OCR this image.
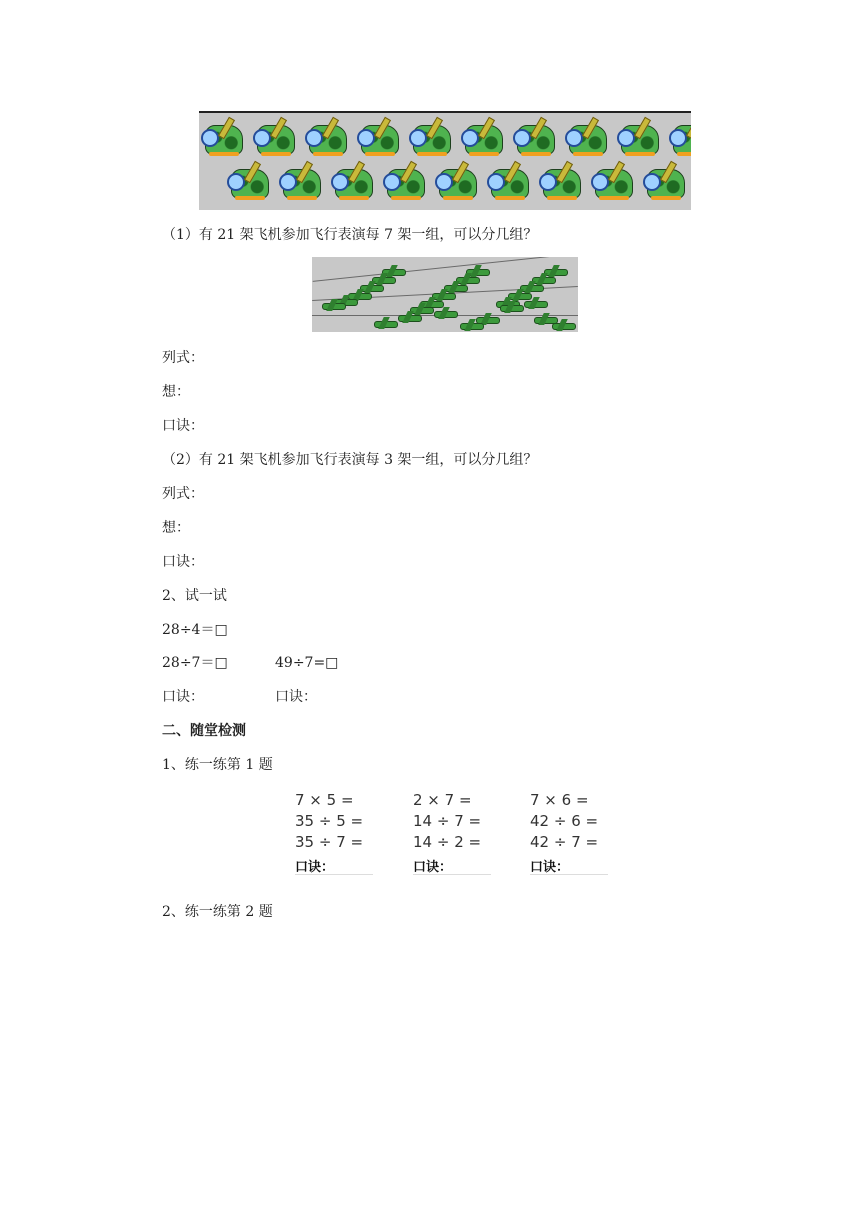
（1）有 21 架飞机参加飞行表演每 7 架一组，可以分几组？
列式：
想：
口诀：
（2）有 21 架飞机参加飞行表演每 3 架一组，可以分几组？
列式：
想：
口诀：
2、试一试
28÷4＝□
28÷7＝□	49÷7=□
口诀：	口诀：
二、随堂检测
1、练一练第 1 题
7 × 5 =
35 ÷ 5 =
35 ÷ 7 =
口诀：
2 × 7 =
14 ÷ 7 =
14 ÷ 2 =
口诀：
7 × 6 =
42 ÷ 6 =
42 ÷ 7 =
口诀：
2、练一练第 2 题
